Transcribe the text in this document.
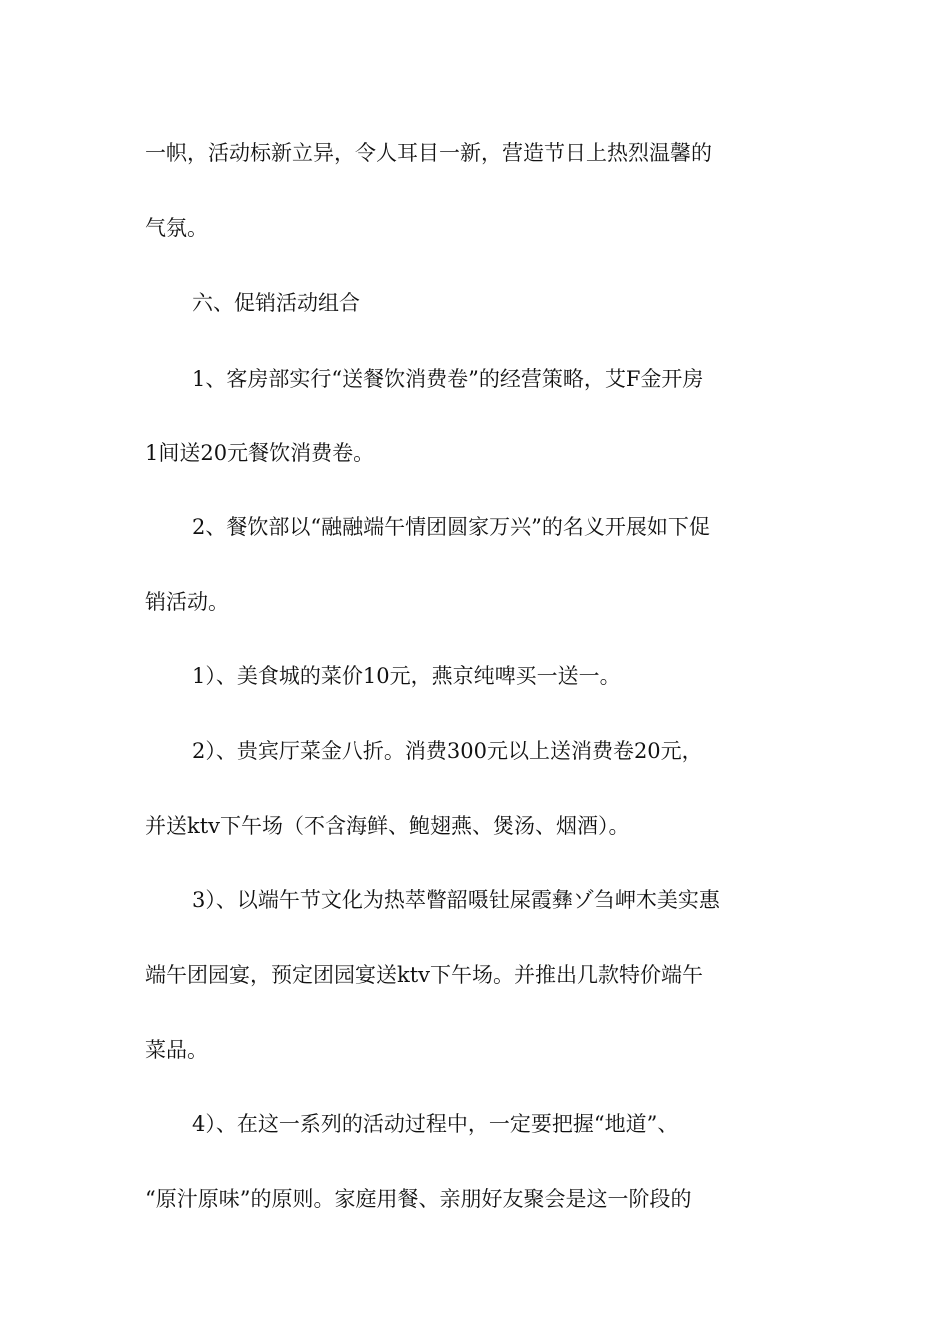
一帜，活动标新立异，令人耳目一新，营造节日上热烈温馨的
气氛。
六、促销活动组合
1、客房部实行“送餐饮消费卷”的经营策略，艾F金开房
1间送20元餐饮消费卷。
2、餐饮部以“融融端午情团圆家万兴”的名义开展如下促
销活动。
1）、美食城的菜价10元，燕京纯啤买一送一。
2）、贵宾厅菜金八折。消费300元以上送消费卷20元，
并送ktv下午场（不含海鲜、鲍翅燕、煲汤、烟酒）。
3）、以端午节文化为热萃瞥韶嗫钍屎霞彝ゾ刍岬木美实惠
端午团园宴，预定团园宴送ktv下午场。并推出几款特价端午
菜品。
4）、在这一系列的活动过程中，一定要把握“地道”、
“原汁原味”的原则。家庭用餐、亲朋好友聚会是这一阶段的
